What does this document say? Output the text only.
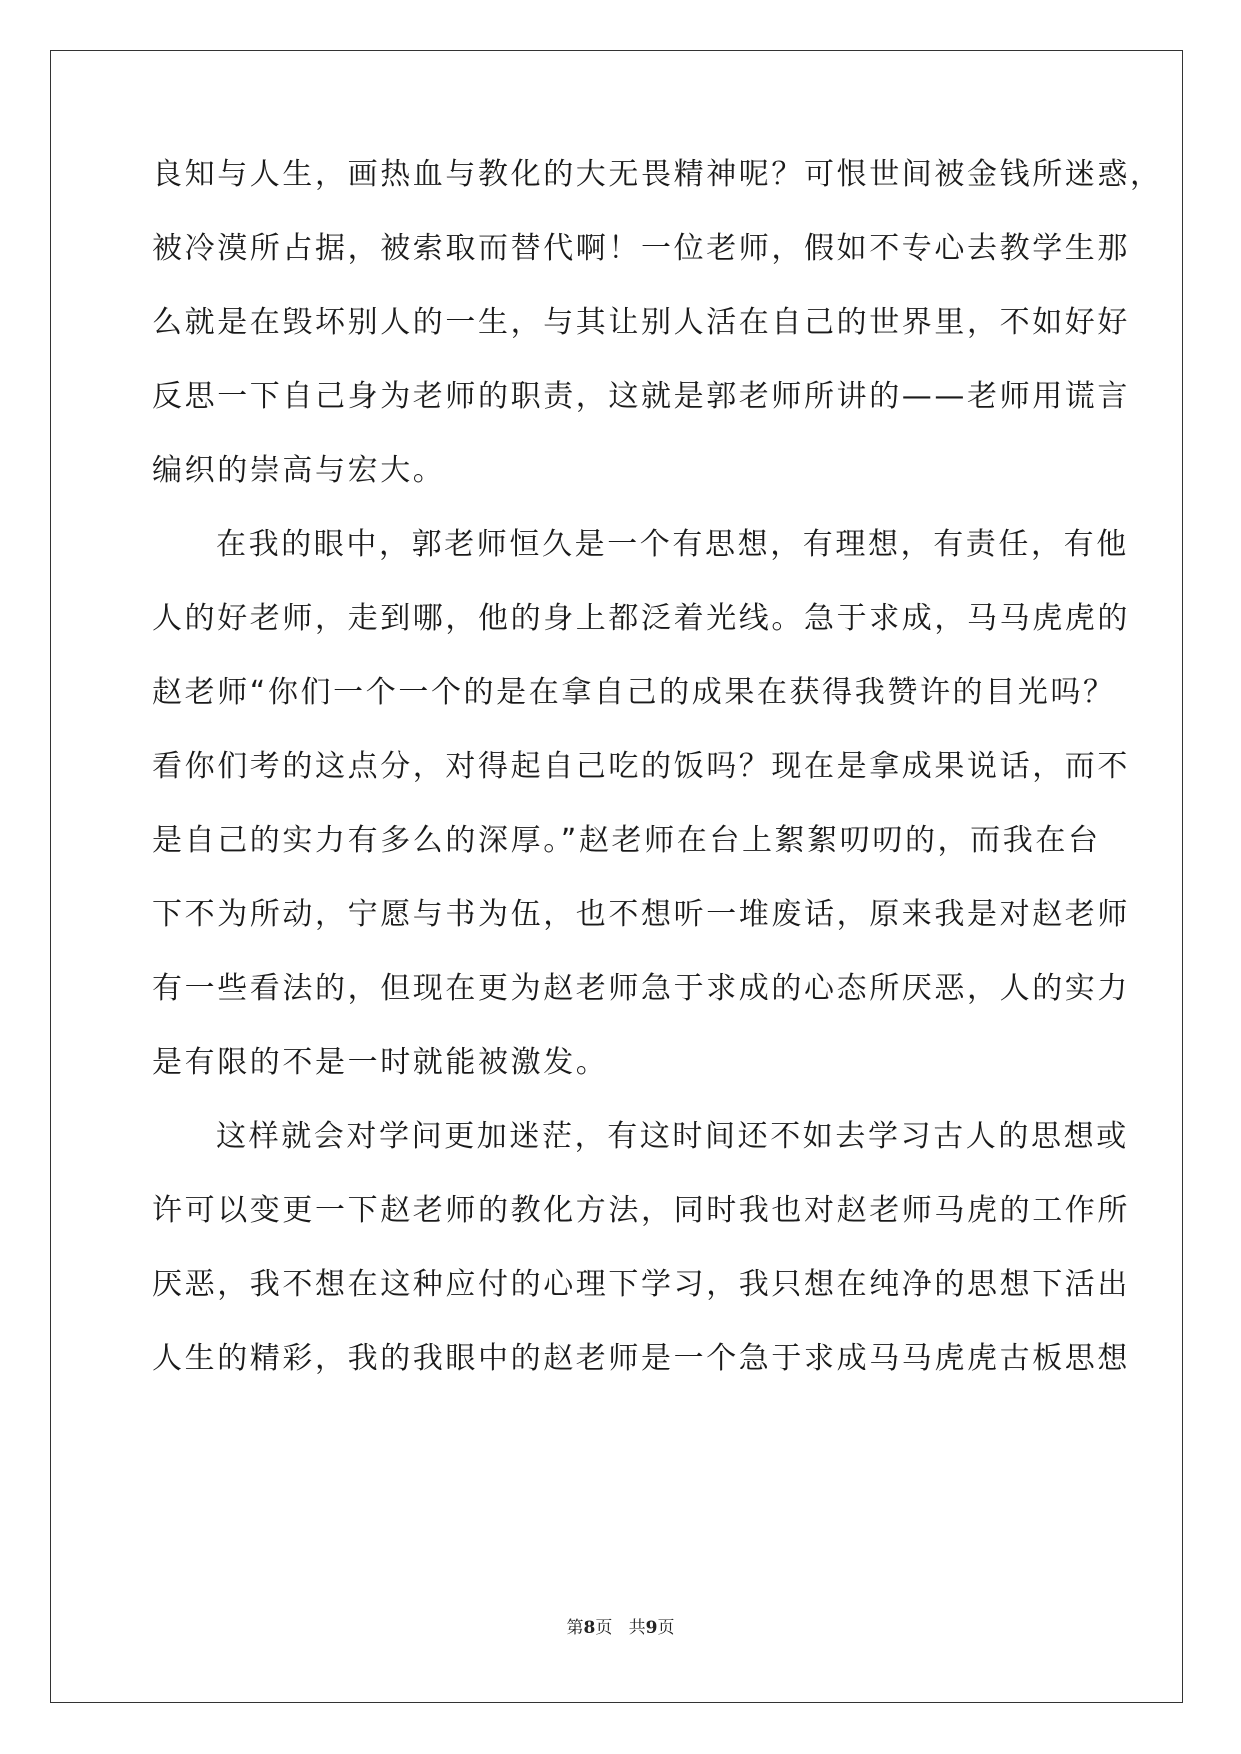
良知与人生，画热血与教化的大无畏精神呢？可恨世间被金钱所迷惑，
被冷漠所占据，被索取而替代啊！一位老师，假如不专心去教学生那
么就是在毁坏别人的一生，与其让别人活在自己的世界里，不如好好
反思一下自己身为老师的职责，这就是郭老师所讲的——老师用谎言
编织的崇高与宏大。
在我的眼中，郭老师恒久是一个有思想，有理想，有责任，有他
人的好老师，走到哪，他的身上都泛着光线。急于求成，马马虎虎的
赵老师“你们一个一个的是在拿自己的成果在获得我赞许的目光吗？
看你们考的这点分，对得起自己吃的饭吗？现在是拿成果说话，而不
是自己的实力有多么的深厚。”赵老师在台上絮絮叨叨的，而我在台
下不为所动，宁愿与书为伍，也不想听一堆废话，原来我是对赵老师
有一些看法的，但现在更为赵老师急于求成的心态所厌恶，人的实力
是有限的不是一时就能被激发。
这样就会对学问更加迷茫，有这时间还不如去学习古人的思想或
许可以变更一下赵老师的教化方法，同时我也对赵老师马虎的工作所
厌恶，我不想在这种应付的心理下学习，我只想在纯净的思想下活出
人生的精彩，我的我眼中的赵老师是一个急于求成马马虎虎古板思想
第8页 共9页
